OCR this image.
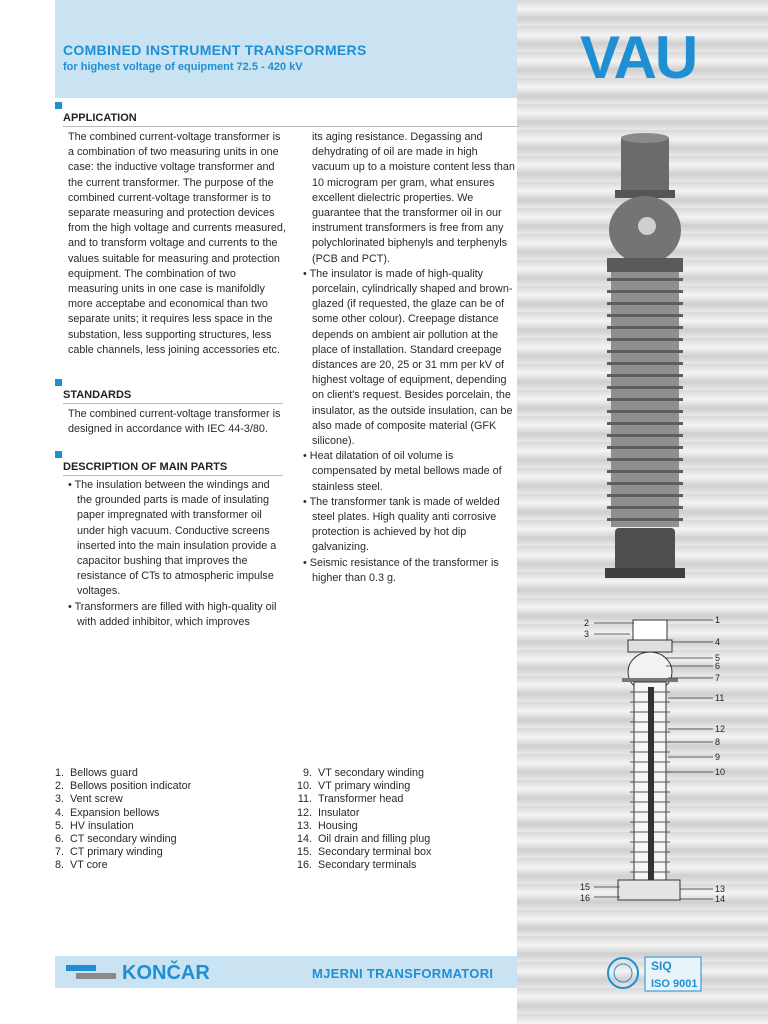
COMBINED INSTRUMENT TRANSFORMERS
for highest voltage of equipment 72.5 - 420 kV	VAU
APPLICATION

The combined current-voltage transformer is a combination of two measuring units in one case: the inductive voltage transformer and the current transformer. The purpose of the combined current-voltage transformer is to separate measuring and protection devices from the high voltage and currents measured, and to transform voltage and currents to the values suitable for measuring and protection equipment. The combination of two measuring units in one case is manifoldly more acceptabe and economical than two separate units; it requires less space in the substation, less supporting structures, less cable channels, less joining accessories etc.

STANDARDS

The combined current-voltage transformer is designed in accordance with IEC 44-3/80.

DESCRIPTION OF MAIN PARTS

• The insulation between the windings and the grounded parts is made of insulating paper impregnated with transformer oil under high vacuum. Conductive screens inserted into the main insulation provide a capacitor bushing that improves the resistance of CTs to atmospheric impulse voltages.

• Transformers are filled with high-quality oil with added inhibitor, which improves

its aging resistance. Degassing and dehydrating of oil are made in high vacuum up to a moisture content less than 10 microgram per gram, what ensures excellent dielectric properties. We guarantee that the transformer oil in our instrument transformers is free from any polychlorinated biphenyls and terphenyls (PCB and PCT).

• The insulator is made of high-quality porcelain, cylindrically shaped and brown-glazed (if requested, the glaze can be of some other colour). Creepage distance depends on ambient air pollution at the place of installation. Standard creepage distances are 20, 25 or 31 mm per kV of highest voltage of equipment, depending on client's request. Besides porcelain, the insulator, as the outside insulation, can be also made of composite material (GFK silicone).

• Heat dilatation of oil volume is compensated by metal bellows made of stainless steel.

• The transformer tank is made of welded steel plates. High quality anti corrosive protection is achieved by hot dip galvanizing.

• Seismic resistance of the transformer is higher than 0.3 g.

2
3
15
16
1
4
5
6
7
11
12
8
9
10
13
14
1. Bellows guard
2. Bellows position indicator
3. Vent screw
4. Expansion bellows
5. HV insulation
6. CT secondary winding
7. CT primary winding
8. VT core
9. VT secondary winding
10. VT primary winding
11. Transformer head
12. Insulator
13. Housing
14. Oil drain and filling plug
15. Secondary terminal box
16. Secondary terminals
KONČAR	MJERNI TRANSFORMATORI	SIQ
ISO 9001
